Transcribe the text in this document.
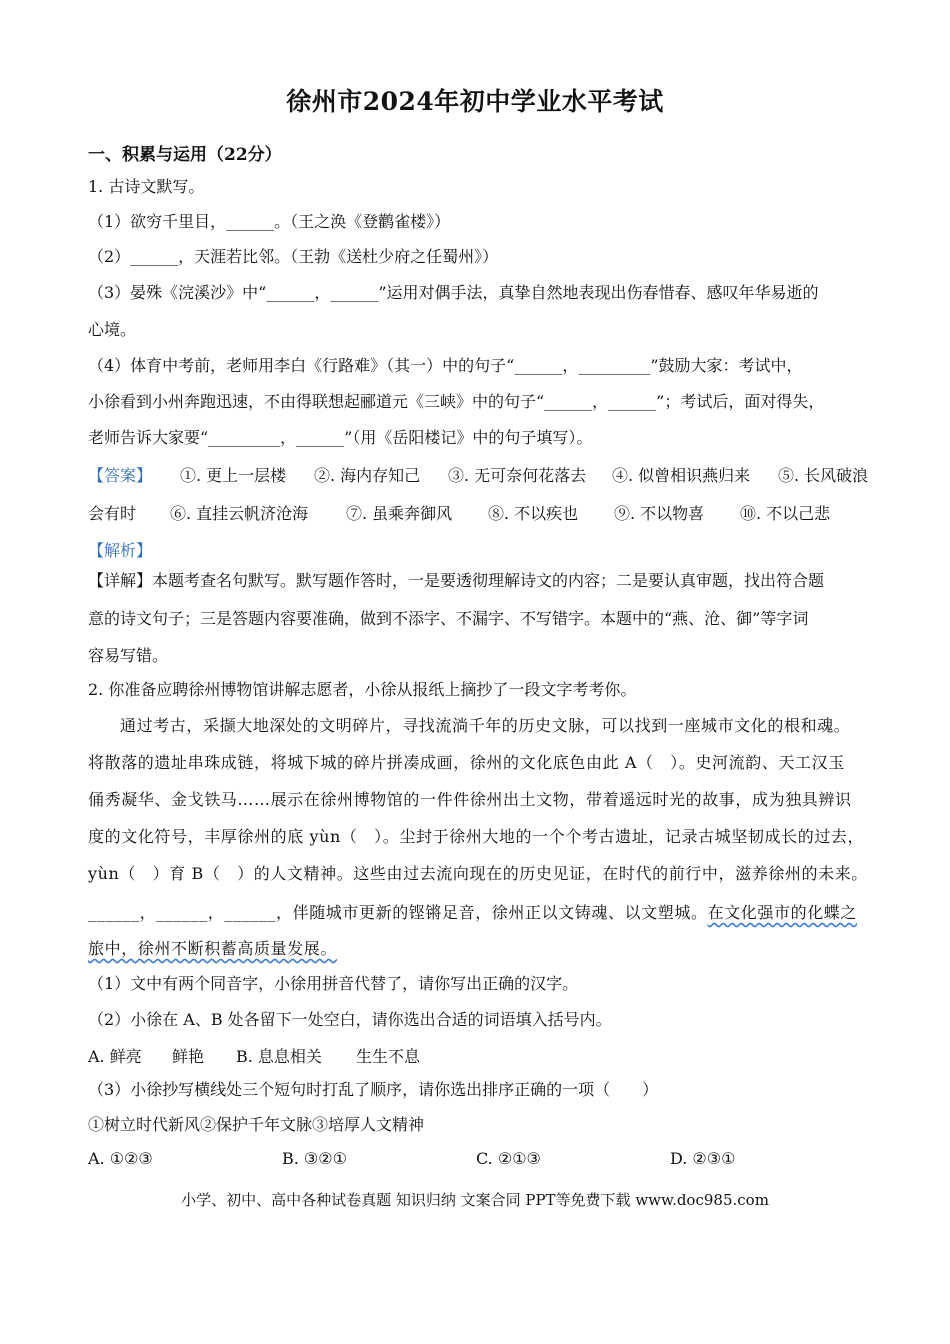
徐州市2024年初中学业水平考试
一、积累与运用（22分）
1. 古诗文默写。
（1）欲穷千里目，______。（王之涣《登鹳雀楼》）
（2）______，天涯若比邻。（王勃《送杜少府之任蜀州》）
（3）晏殊《浣溪沙》中“______，______”运用对偶手法，真挚自然地表现出伤春惜春、感叹年华易逝的
心境。
（4）体育中考前，老师用李白《行路难》（其一）中的句子“______，_________”鼓励大家：考试中，
小徐看到小州奔跑迅速，不由得联想起郦道元《三峡》中的句子“______，______”；考试后，面对得失，
老师告诉大家要“_________，______”（用《岳阳楼记》中的句子填写）。
【答案】 ①. 更上一层楼 ②. 海内存知己 ③. 无可奈何花落去 ④. 似曾相识燕归来 ⑤. 长风破浪
会有时 ⑥. 直挂云帆济沧海 ⑦. 虽乘奔御风 ⑧. 不以疾也 ⑨. 不以物喜 ⑩. 不以己悲
【解析】
【详解】本题考查名句默写。默写题作答时，一是要透彻理解诗文的内容；二是要认真审题，找出符合题
意的诗文句子；三是答题内容要准确，做到不添字、不漏字、不写错字。本题中的“燕、沧、御”等字词
容易写错。
2. 你准备应聘徐州博物馆讲解志愿者，小徐从报纸上摘抄了一段文字考考你。
通过考古，采撷大地深处的文明碎片，寻找流淌千年的历史文脉，可以找到一座城市文化的根和魂。
将散落的遗址串珠成链，将城下城的碎片拼凑成画，徐州的文化底色由此 A（　）。史河流韵、天工汉玉
俑秀凝华、金戈铁马……展示在徐州博物馆的一件件徐州出土文物，带着遥远时光的故事，成为独具辨识
度的文化符号，丰厚徐州的底 yùn（　）。尘封于徐州大地的一个个考古遗址，记录古城坚韧成长的过去，
yùn（　）育 B（　）的人文精神。这些由过去流向现在的历史见证，在时代的前行中，滋养徐州的未来。
______，______，______，伴随城市更新的铿锵足音，徐州正以文铸魂、以文塑城。在文化强市的化蝶之
旅中，徐州不断积蓄高质量发展。
（1）文中有两个同音字，小徐用拼音代替了，请你写出正确的汉字。
（2）小徐在 A、B 处各留下一处空白，请你选出合适的词语填入括号内。
A. 鲜亮 鲜艳 B. 息息相关 生生不息
（3）小徐抄写横线处三个短句时打乱了顺序，请你选出排序正确的一项（　　）
①树立时代新风②保护千年文脉③培厚人文精神
A. ①②③	B. ③②①	C. ②①③	D. ②③①
小学、初中、高中各种试卷真题 知识归纳 文案合同 PPT等免费下载 www.doc985.com
